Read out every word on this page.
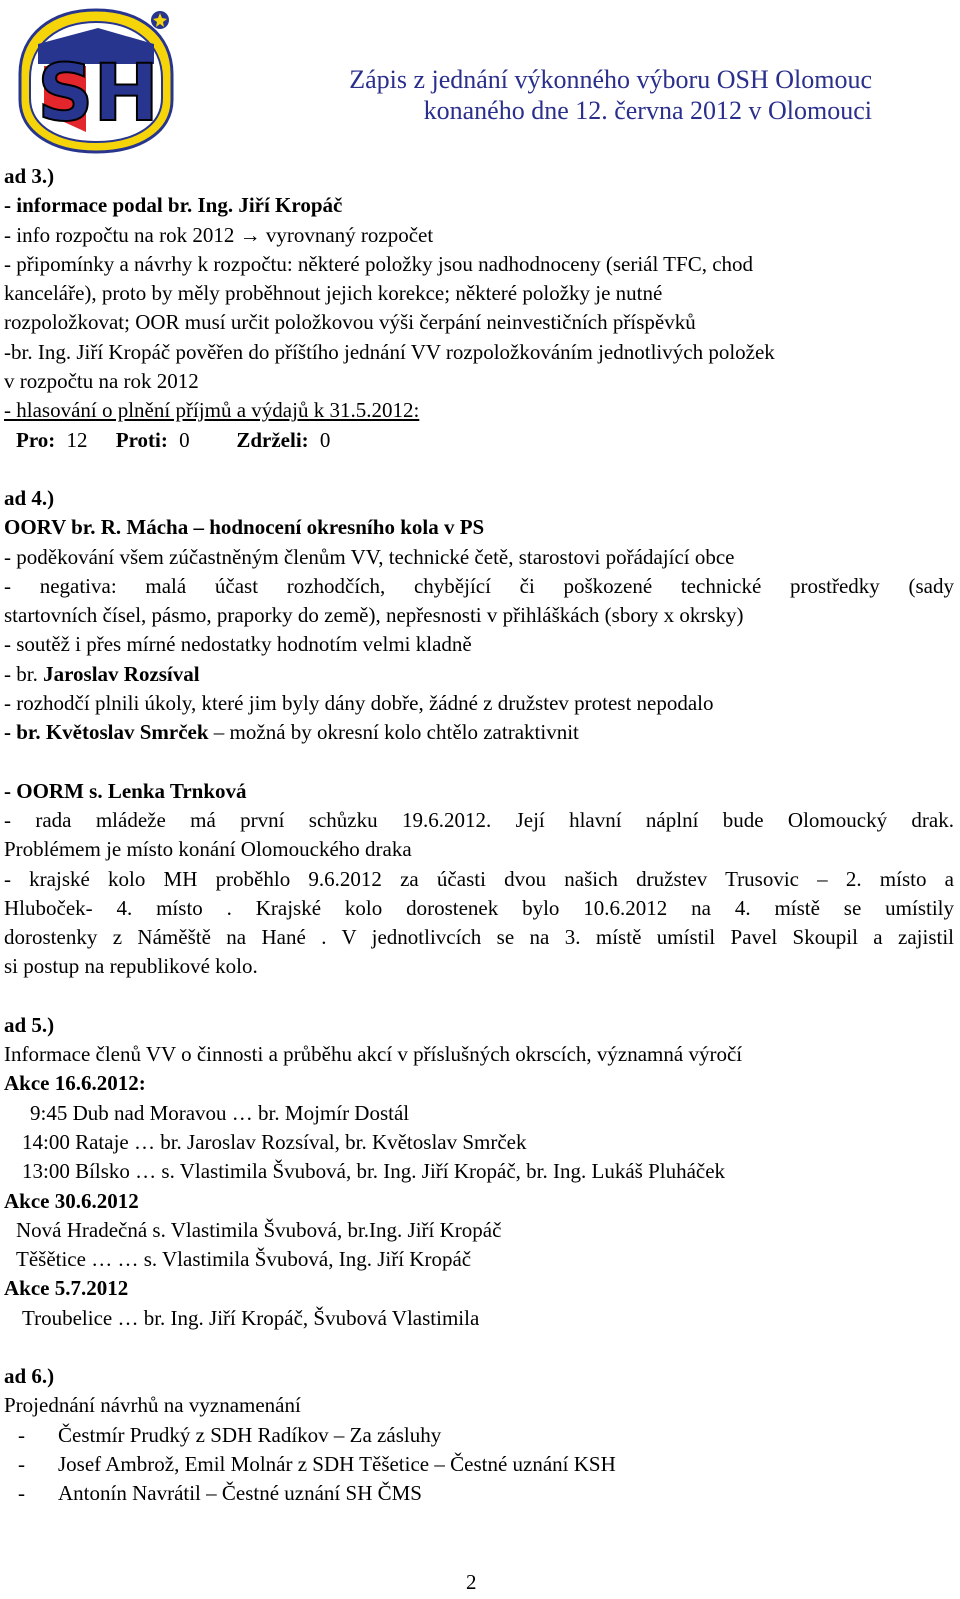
SH	Zápis z jednání výkonného výboru OSH Olomouc
konaného dne 12. června 2012 v Olomouci

ad 3.)

- informace podal br. Ing. Jiří Kropáč

- info rozpočtu na rok 2012 → vyrovnaný rozpočet

- připomínky a návrhy k rozpočtu: některé položky jsou nadhodnoceny (seriál TFC, chod

kanceláře), proto by měly proběhnout jejich korekce; některé položky je nutné

rozpoložkovat; OOR musí určit položkovou výši čerpání neinvestičních příspěvků

-br. Ing. Jiří Kropáč pověřen do příštího jednání VV rozpoložkováním jednotlivých položek

v rozpočtu na rok 2012

- hlasování o plnění příjmů a výdajů k 31.5.2012:

Pro: 12 Proti: 0 Zdrželi: 0

ad 4.)

OORV br. R. Mácha – hodnocení okresního kola v PS

- poděkování všem zúčastněným členům VV, technické četě, starostovi pořádající obce

- negativa: malá účast rozhodčích, chybějící či poškozené technické prostředky (sady

startovních čísel, pásmo, praporky do země), nepřesnosti v přihláškách (sbory x okrsky)

- soutěž i přes mírné nedostatky hodnotím velmi kladně

- br. Jaroslav Rozsíval

- rozhodčí plnili úkoly, které jim byly dány dobře, žádné z družstev protest nepodalo

- br. Květoslav Smrček – možná by okresní kolo chtělo zatraktivnit

- OORM s. Lenka Trnková

- rada mládeže má první schůzku 19.6.2012. Její hlavní náplní bude Olomoucký drak.

Problémem je místo konání Olomouckého draka

- krajské kolo MH proběhlo 9.6.2012 za účasti dvou našich družstev Trusovic – 2. místo a

Hluboček- 4. místo . Krajské kolo dorostenek bylo 10.6.2012 na 4. místě se umístily

dorostenky z Náměště na Hané . V jednotlivcích se na 3. místě umístil Pavel Skoupil a zajistil

si postup na republikové kolo.

ad 5.)

Informace členů VV o činnosti a průběhu akcí v příslušných okrscích, významná výročí

Akce 16.6.2012:

9:45 Dub nad Moravou … br. Mojmír Dostál

14:00 Rataje … br. Jaroslav Rozsíval, br. Květoslav Smrček

13:00 Bílsko … s. Vlastimila Švubová, br. Ing. Jiří Kropáč, br. Ing. Lukáš Pluháček

Akce 30.6.2012

Nová Hradečná s. Vlastimila Švubová, br.Ing. Jiří Kropáč

Těšětice … … s. Vlastimila Švubová, Ing. Jiří Kropáč

Akce 5.7.2012

Troubelice … br. Ing. Jiří Kropáč, Švubová Vlastimila

ad 6.)

Projednání návrhů na vyznamenání

- Čestmír Prudký z SDH Radíkov – Za zásluhy

- Josef Ambrož, Emil Molnár z SDH Těšetice – Čestné uznání KSH

- Antonín Navrátil – Čestné uznání SH ČMS

2
